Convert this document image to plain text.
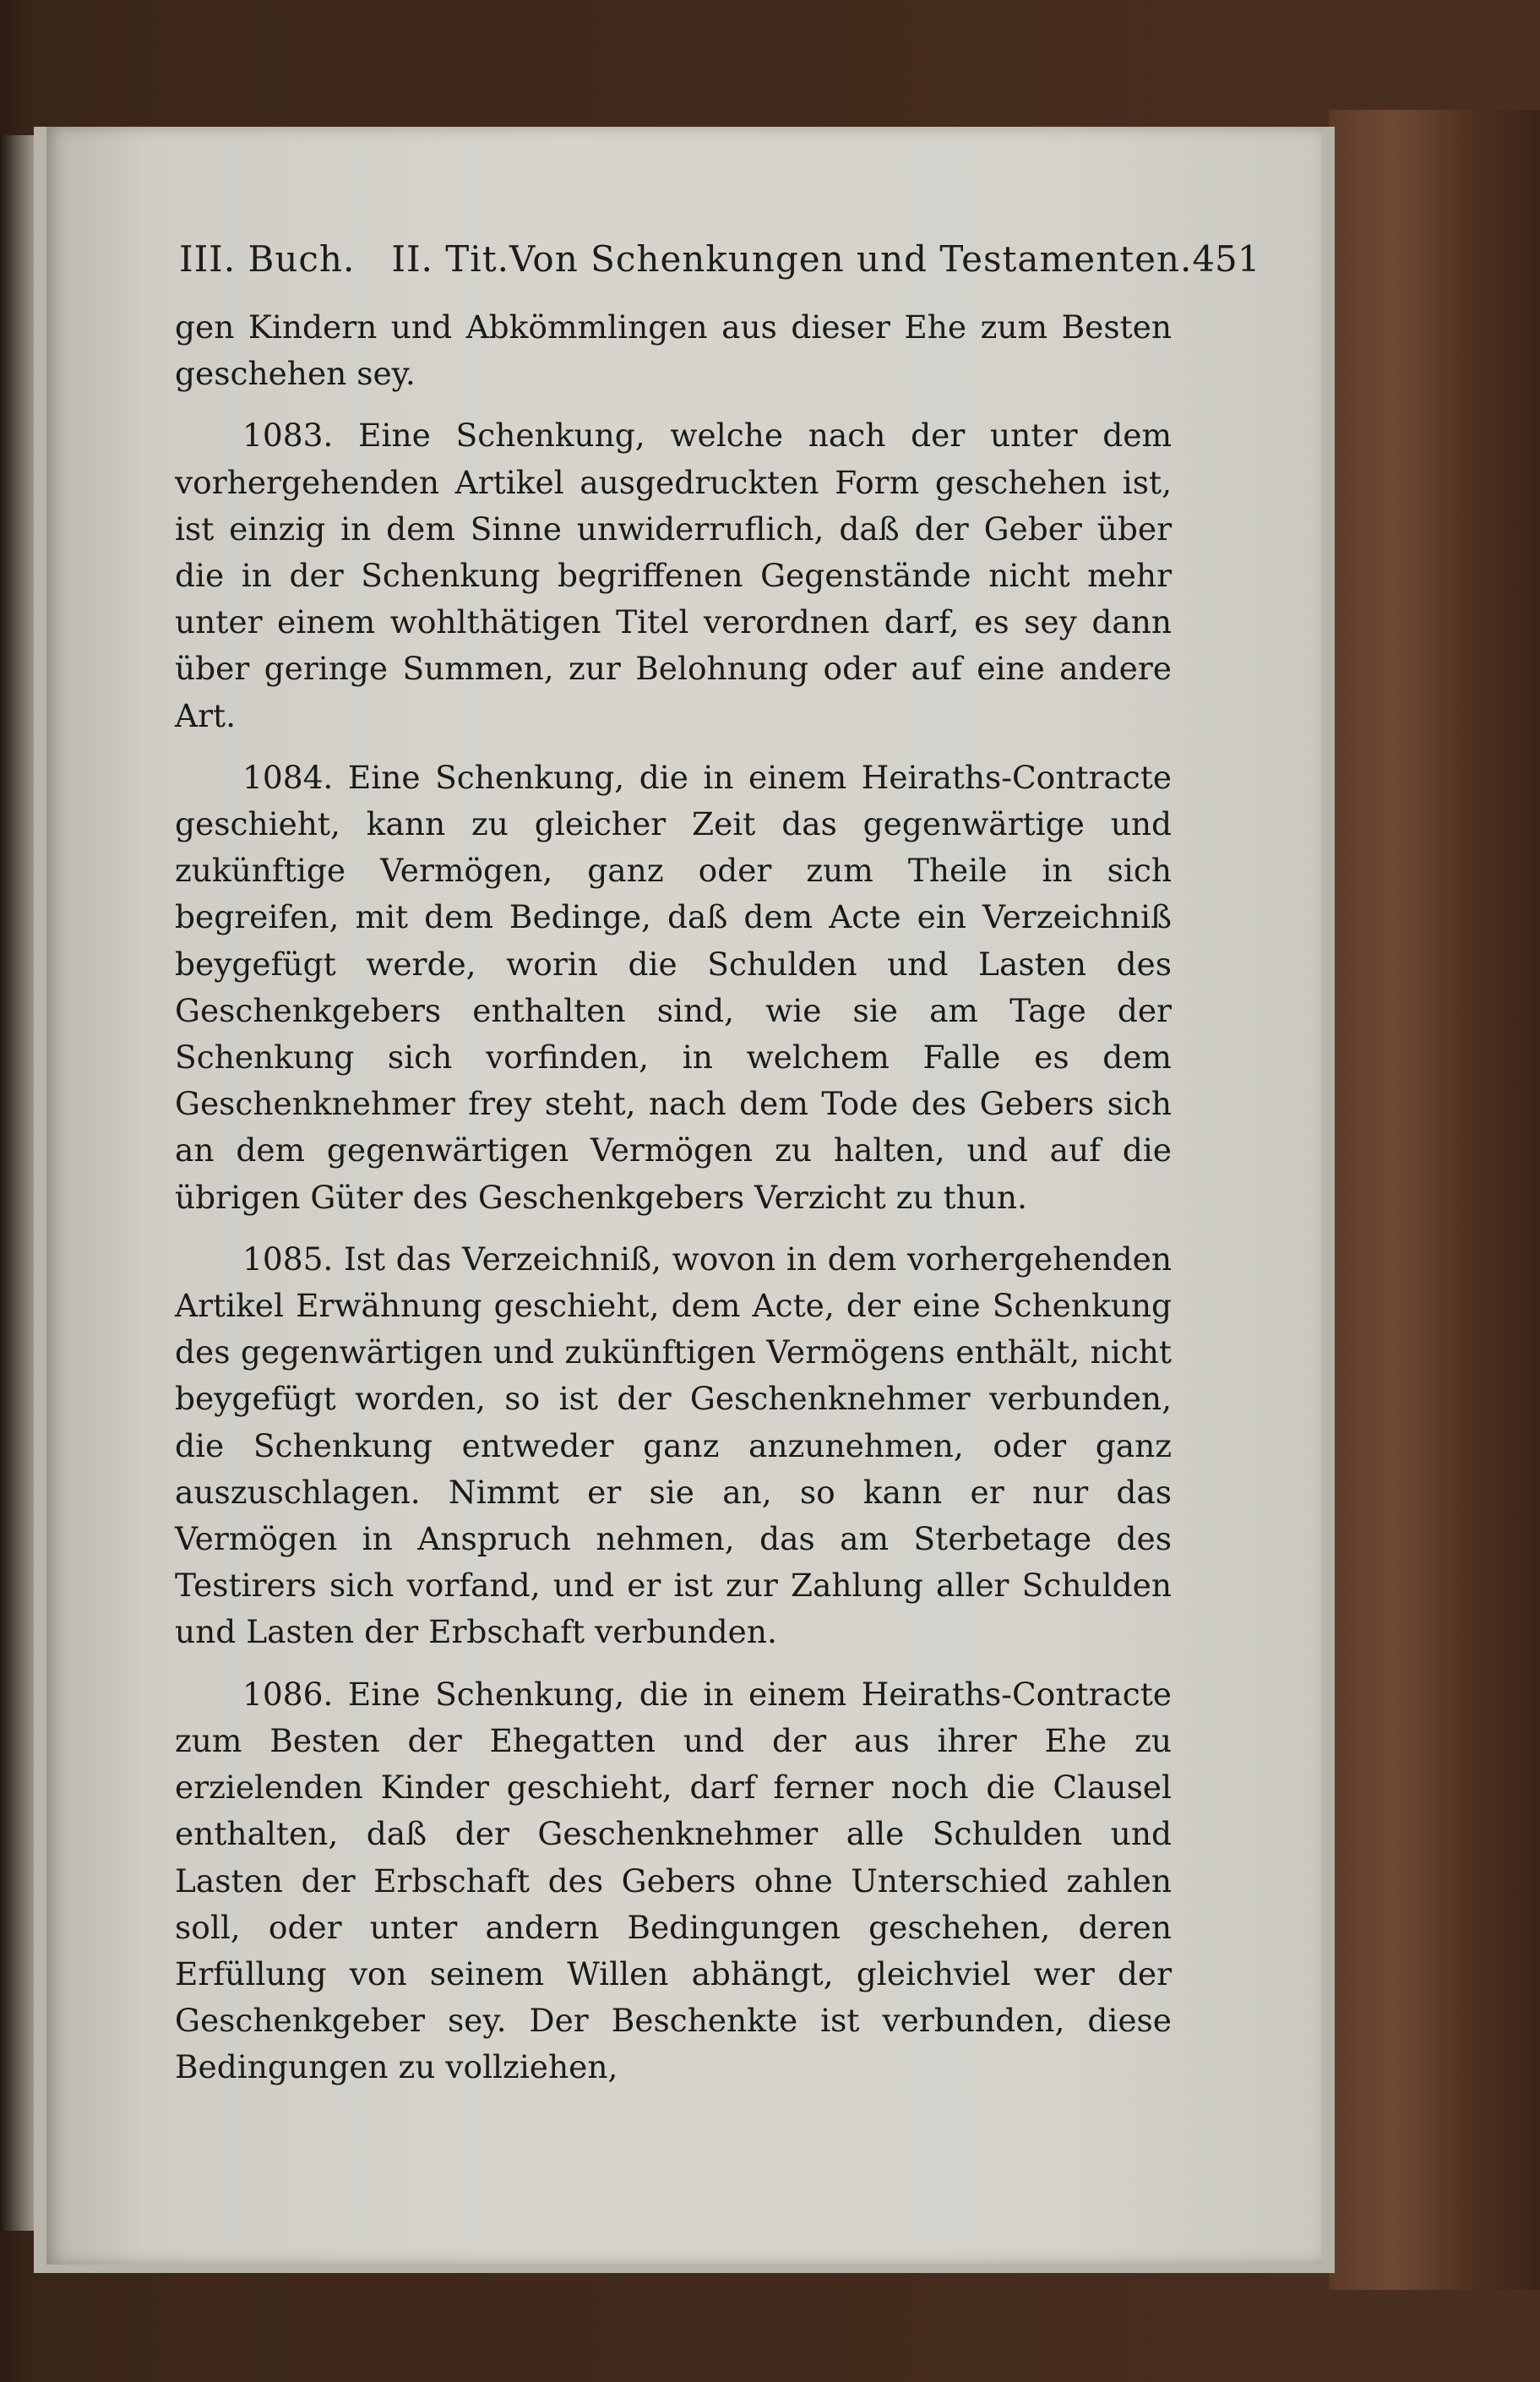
III. Buch. II. Tit. Von Schenkungen und Testamenten. 451

gen Kindern und Abkömmlingen aus dieser Ehe zum Besten geschehen sey.

1083. Eine Schenkung, welche nach der unter dem vorhergehenden Artikel ausgedruckten Form geschehen ist, ist einzig in dem Sinne unwiderruflich, daß der Geber über die in der Schenkung begriffenen Gegenstände nicht mehr unter einem wohlthätigen Titel verordnen darf, es sey dann über geringe Summen, zur Belohnung oder auf eine andere Art.

1084. Eine Schenkung, die in einem Heiraths-Contracte geschieht, kann zu gleicher Zeit das gegenwärtige und zukünftige Vermögen, ganz oder zum Theile in sich begreifen, mit dem Bedinge, daß dem Acte ein Verzeichniß beygefügt werde, worin die Schulden und Lasten des Geschenkgebers enthalten sind, wie sie am Tage der Schenkung sich vorfinden, in welchem Falle es dem Geschenknehmer frey steht, nach dem Tode des Gebers sich an dem gegenwärtigen Vermögen zu halten, und auf die übrigen Güter des Geschenkgebers Verzicht zu thun.

1085. Ist das Verzeichniß, wovon in dem vorhergehenden Artikel Erwähnung geschieht, dem Acte, der eine Schenkung des gegenwärtigen und zukünftigen Vermögens enthält, nicht beygefügt worden, so ist der Geschenknehmer verbunden, die Schenkung entweder ganz anzunehmen, oder ganz auszuschlagen. Nimmt er sie an, so kann er nur das Vermögen in Anspruch nehmen, das am Sterbetage des Testirers sich vorfand, und er ist zur Zahlung aller Schulden und Lasten der Erbschaft verbunden.

1086. Eine Schenkung, die in einem Heiraths-Contracte zum Besten der Ehegatten und der aus ihrer Ehe zu erzielenden Kinder geschieht, darf ferner noch die Clausel enthalten, daß der Geschenknehmer alle Schulden und Lasten der Erbschaft des Gebers ohne Unterschied zahlen soll, oder unter andern Bedingungen geschehen, deren Erfüllung von seinem Willen abhängt, gleichviel wer der Geschenkgeber sey. Der Beschenkte ist verbunden, diese Bedingungen zu vollziehen,
